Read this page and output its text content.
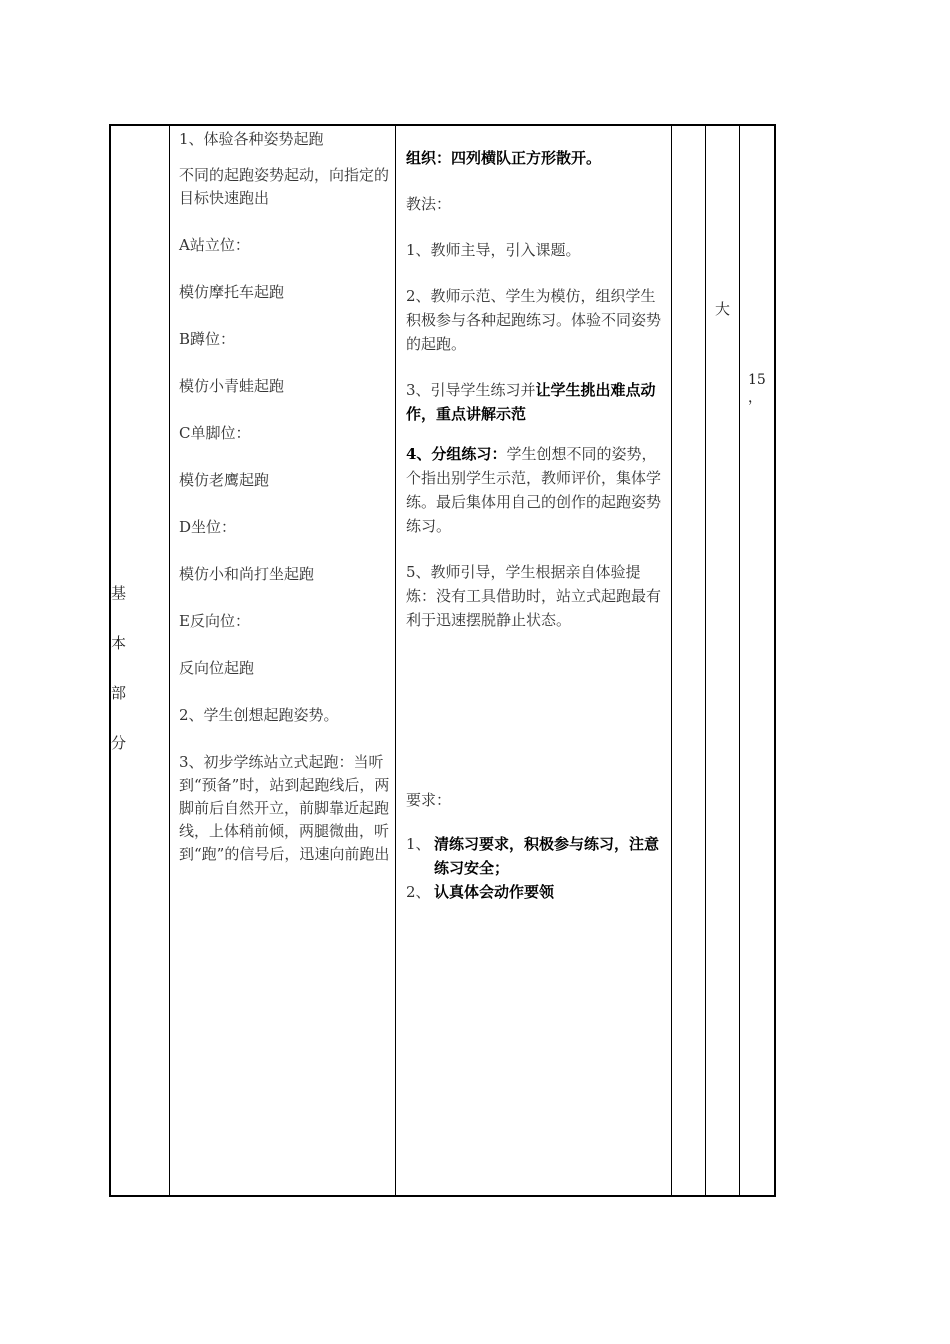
基
本
部
分

1、体验各种姿势起跑

不同的起跑姿势起动，向指定的目标快速跑出

A站立位：

模仿摩托车起跑

B蹲位：

模仿小青蛙起跑

C单脚位：

模仿老鹰起跑

D坐位：

模仿小和尚打坐起跑

E反向位：

反向位起跑

2、学生创想起跑姿势。

3、初步学练站立式起跑：当听到“预备”时，站到起跑线后，两脚前后自然开立，前脚靠近起跑线，上体稍前倾，两腿微曲，听到“跑”的信号后，迅速向前跑出

组织：四列横队正方形散开。

教法：

1、教师主导，引入课题。

2、教师示范、学生为模仿，组织学生积极参与各种起跑练习。体验不同姿势的起跑。

3、引导学生练习并让学生挑出难点动作，重点讲解示范

4、分组练习：学生创想不同的姿势，个指出别学生示范，教师评价，集体学练。最后集体用自己的创作的起跑姿势练习。

5、教师引导，学生根据亲自体验提炼：没有工具借助时，站立式起跑最有利于迅速摆脱静止状态。

要求：

1、 清练习要求，积极参与练习，注意练习安全；

2、 认真体会动作要领

大
15
，
